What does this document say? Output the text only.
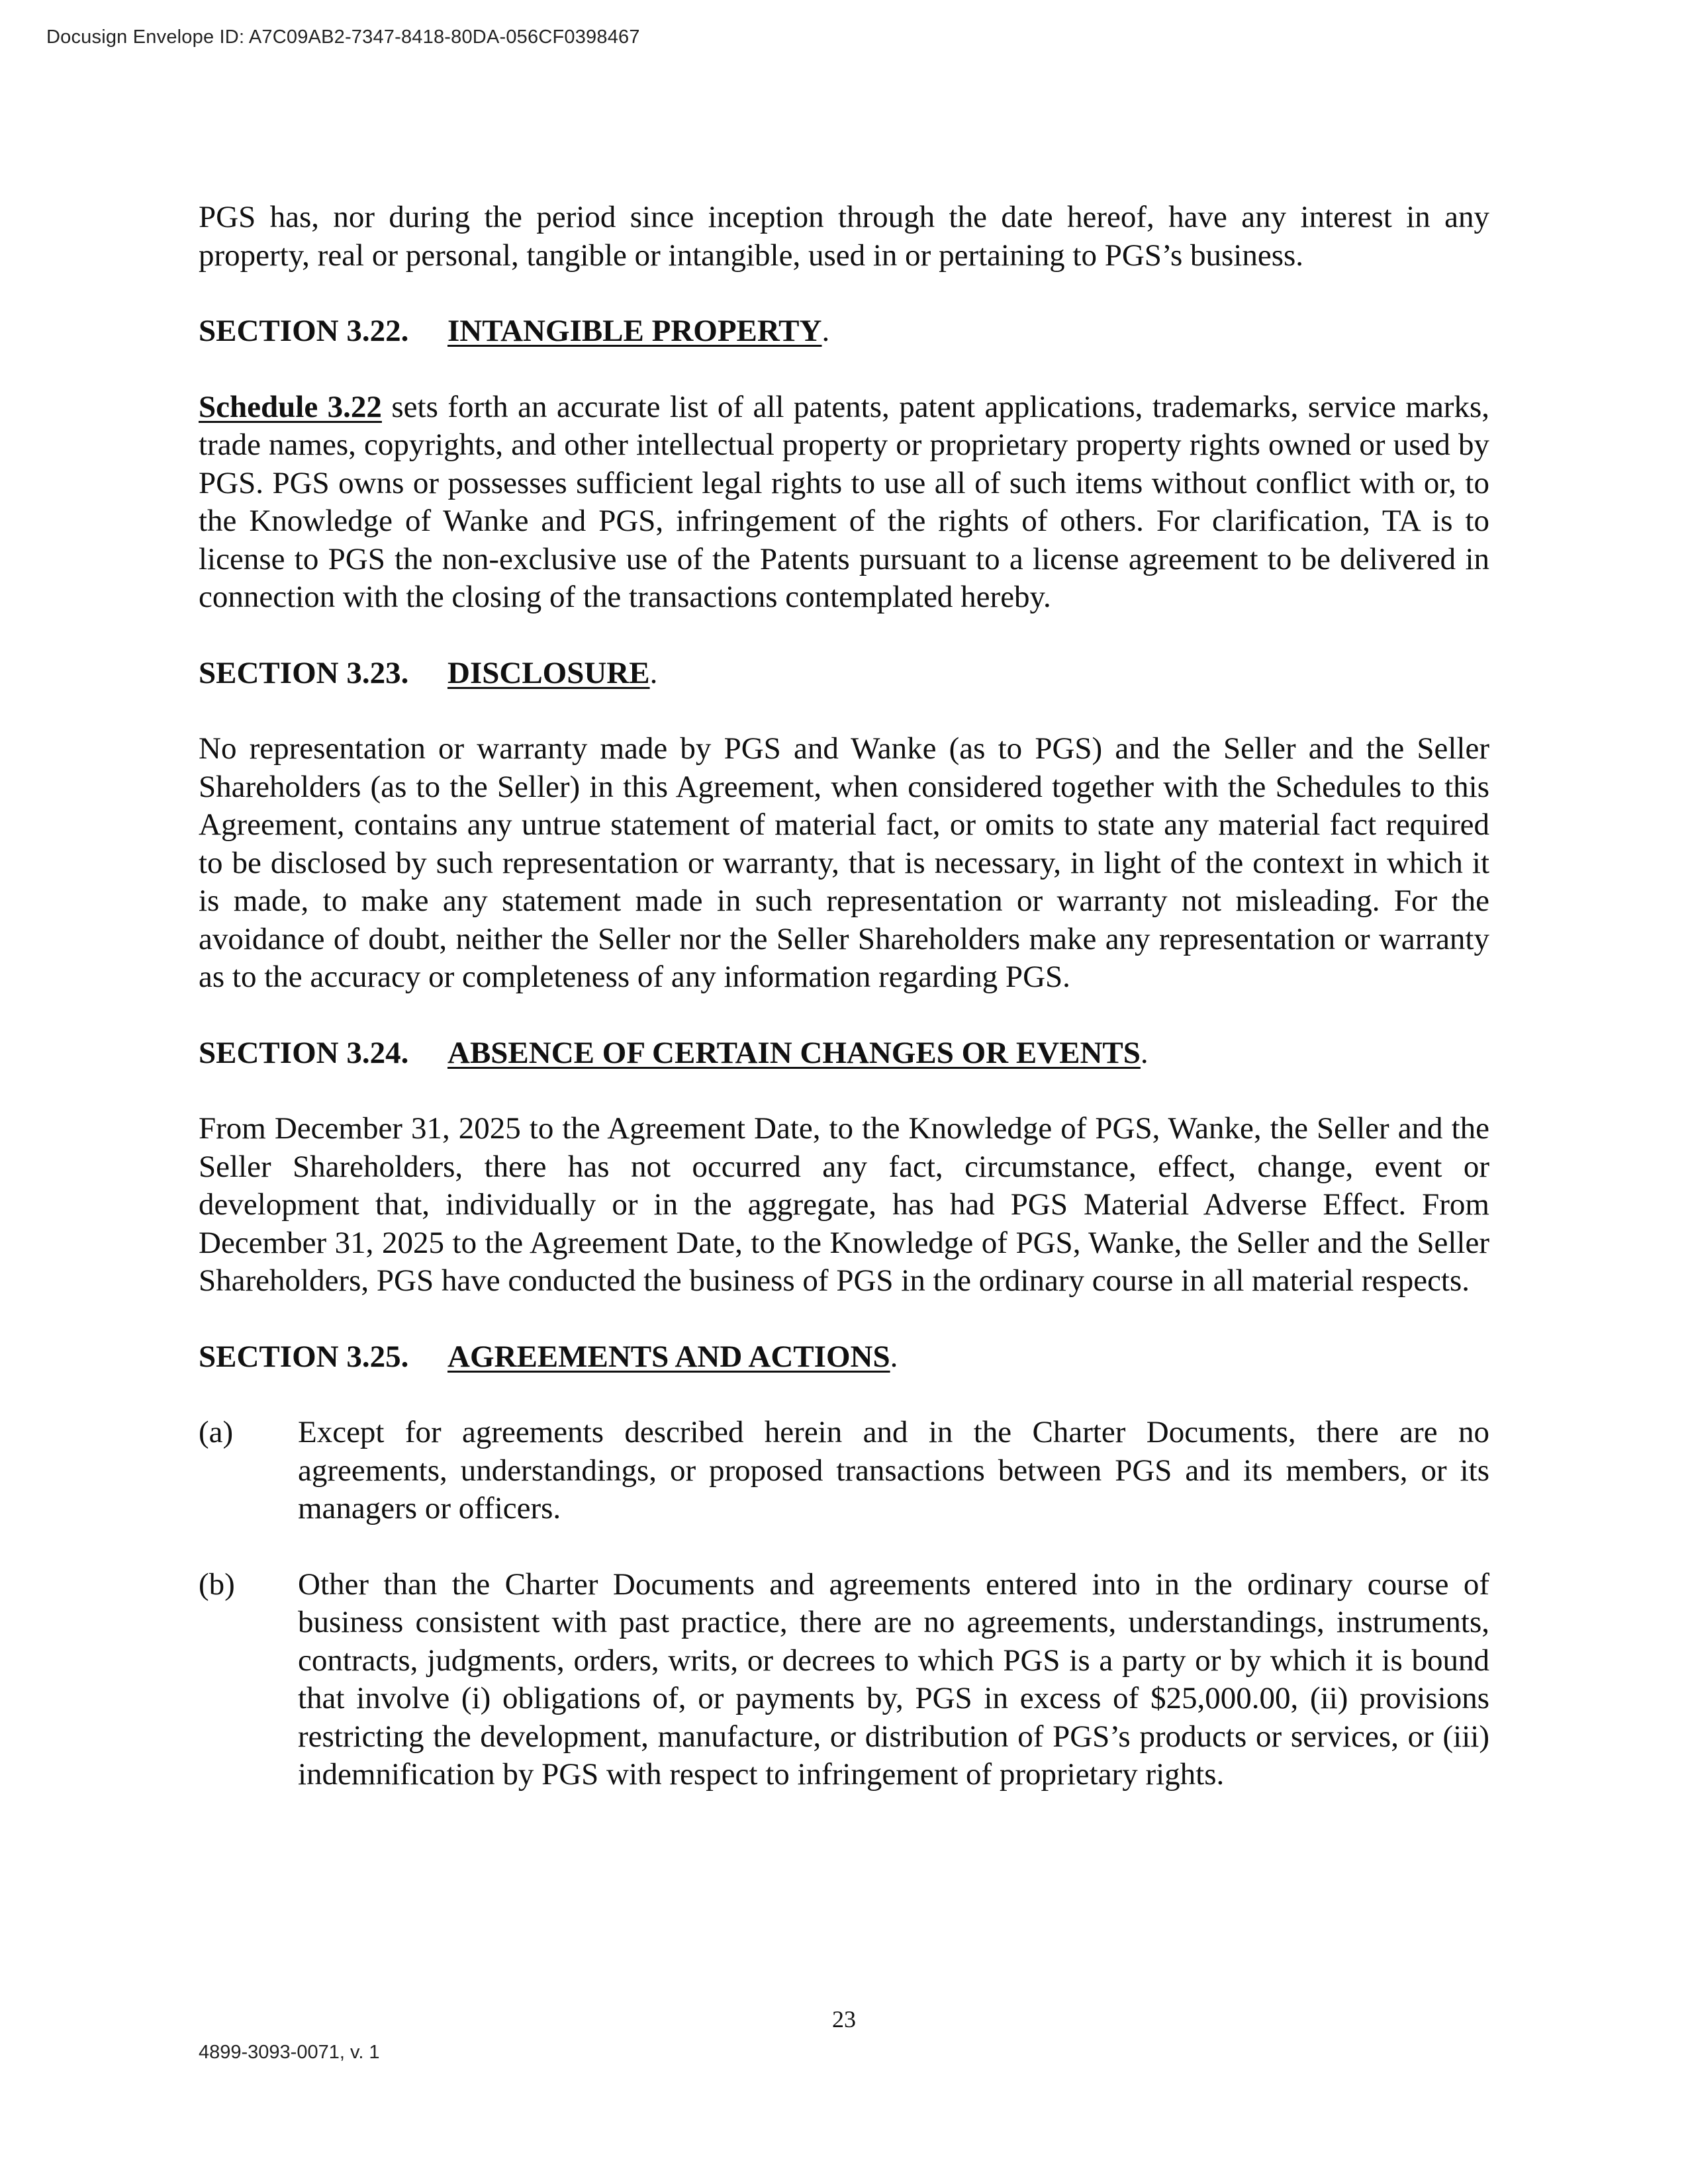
Docusign Envelope ID: A7C09AB2-7347-8418-80DA-056CF0398467

PGS has, nor during the period since inception through the date hereof, have any interest in any property, real or personal, tangible or intangible, used in or pertaining to PGS’s business.

SECTION 3.22. INTANGIBLE PROPERTY.

Schedule 3.22 sets forth an accurate list of all patents, patent applications, trademarks, service marks, trade names, copyrights, and other intellectual property or proprietary property rights owned or used by PGS. PGS owns or possesses sufficient legal rights to use all of such items without conflict with or, to the Knowledge of Wanke and PGS, infringement of the rights of others. For clarification, TA is to license to PGS the non-exclusive use of the Patents pursuant to a license agreement to be delivered in connection with the closing of the transactions contemplated hereby.

SECTION 3.23. DISCLOSURE.

No representation or warranty made by PGS and Wanke (as to PGS) and the Seller and the Seller Shareholders (as to the Seller) in this Agreement, when considered together with the Schedules to this Agreement, contains any untrue statement of material fact, or omits to state any material fact required to be disclosed by such representation or warranty, that is necessary, in light of the context in which it is made, to make any statement made in such representation or warranty not misleading. For the avoidance of doubt, neither the Seller nor the Seller Shareholders make any representation or warranty as to the accuracy or completeness of any information regarding PGS.

SECTION 3.24. ABSENCE OF CERTAIN CHANGES OR EVENTS.

From December 31, 2025 to the Agreement Date, to the Knowledge of PGS, Wanke, the Seller and the Seller Shareholders, there has not occurred any fact, circumstance, effect, change, event or development that, individually or in the aggregate, has had PGS Material Adverse Effect. From December 31, 2025 to the Agreement Date, to the Knowledge of PGS, Wanke, the Seller and the Seller Shareholders, PGS have conducted the business of PGS in the ordinary course in all material respects.

SECTION 3.25. AGREEMENTS AND ACTIONS.
(a)	Except for agreements described herein and in the Charter Documents, there are no agreements, understandings, or proposed transactions between PGS and its members, or its managers or officers.
(b)	Other than the Charter Documents and agreements entered into in the ordinary course of business consistent with past practice, there are no agreements, understandings, instruments, contracts, judgments, orders, writs, or decrees to which PGS is a party or by which it is bound that involve (i) obligations of, or payments by, PGS in excess of $25,000.00, (ii) provisions restricting the development, manufacture, or distribution of PGS’s products or services, or (iii) indemnification by PGS with respect to infringement of proprietary rights.
23
4899-3093-0071, v. 1
